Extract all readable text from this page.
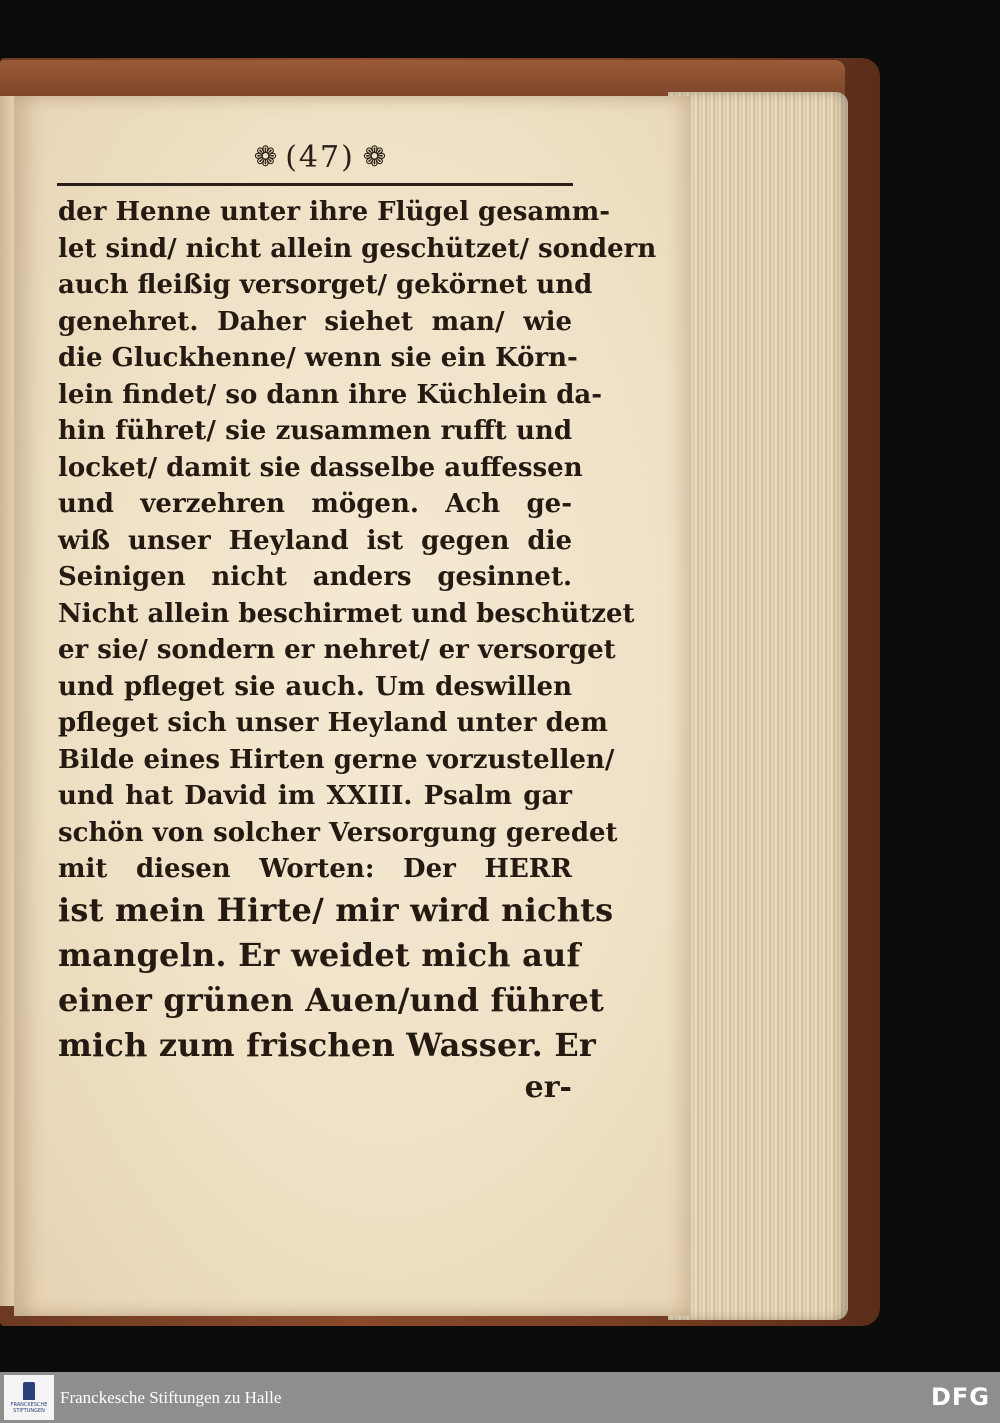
❁ (47) ❁
der Henne unter ihre Flügel gesamm-
let sind/ nicht allein geschützet/ sondern
auch fleißig versorget/ gekörnet und
genehret. Daher siehet man/ wie
die Gluckhenne/ wenn sie ein Körn-
lein findet/ so dann ihre Küchlein da-
hin führet/ sie zusammen rufft und
locket/ damit sie dasselbe auffessen
und verzehren mögen. Ach ge-
wiß unser Heyland ist gegen die
Seinigen nicht anders gesinnet.
Nicht allein beschirmet und beschützet
er sie/ sondern er nehret/ er versorget
und pfleget sie auch. Um deswillen
pfleget sich unser Heyland unter dem
Bilde eines Hirten gerne vorzustellen/
und hat David im XXIII. Psalm gar
schön von solcher Versorgung geredet
mit diesen Worten: Der HERR
ist mein Hirte/ mir wird nichts
mangeln. Er weidet mich auf
einer grünen Auen/und führet
mich zum frischen Wasser. Er
er-
FRANCKESCHE STIFTUNGEN
Franckesche Stiftungen zu Halle	DFG
